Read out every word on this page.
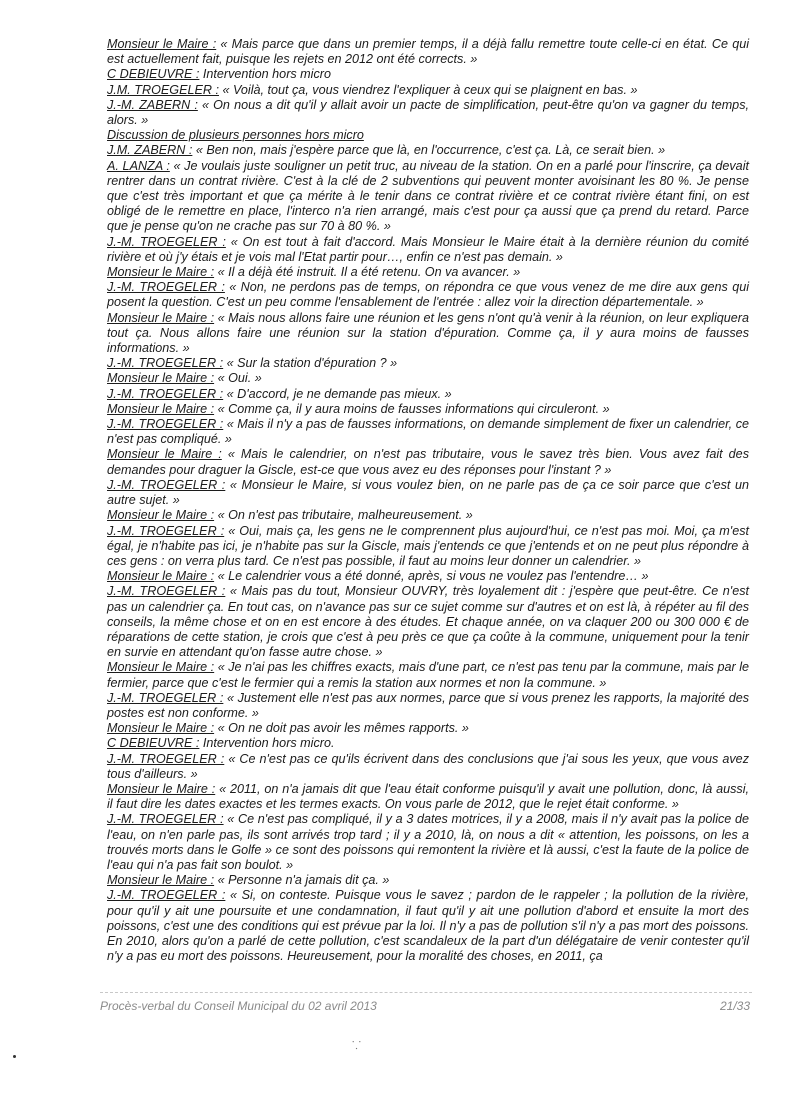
Monsieur le Maire : « Mais parce que dans un premier temps, il a déjà fallu remettre toute celle-ci en état. Ce qui est actuellement fait, puisque les rejets en 2012 ont été corrects. »

C DEBIEUVRE : Intervention hors micro

J.M. TROEGELER : « Voilà, tout ça, vous viendrez l'expliquer à ceux qui se plaignent en bas. »

J.-M. ZABERN : « On nous a dit qu'il y allait avoir un pacte de simplification, peut-être qu'on va gagner du temps, alors. »

Discussion de plusieurs personnes hors micro

J.M. ZABERN : « Ben non, mais j'espère parce que là, en l'occurrence, c'est ça. Là, ce serait bien. »

A. LANZA : « Je voulais juste souligner un petit truc, au niveau de la station. On en a parlé pour l'inscrire, ça devait rentrer dans un contrat rivière. C'est à la clé de 2 subventions qui peuvent monter avoisinant les 80 %. Je pense que c'est très important et que ça mérite à le tenir dans ce contrat rivière et ce contrat rivière étant fini, on est obligé de le remettre en place, l'interco n'a rien arrangé, mais c'est pour ça aussi que ça prend du retard. Parce que je pense qu'on ne crache pas sur 70 à 80 %. »

J.-M. TROEGELER : « On est tout à fait d'accord. Mais Monsieur le Maire était à la dernière réunion du comité rivière et où j'y étais et je vois mal l'Etat partir pour…, enfin ce n'est pas demain. »

Monsieur le Maire : « Il a déjà été instruit. Il a été retenu. On va avancer. »

J.-M. TROEGELER : « Non, ne perdons pas de temps, on répondra ce que vous venez de me dire aux gens qui posent la question. C'est un peu comme l'ensablement de l'entrée : allez voir la direction départementale. »

Monsieur le Maire : « Mais nous allons faire une réunion et les gens n'ont qu'à venir à la réunion, on leur expliquera tout ça. Nous allons faire une réunion sur la station d'épuration. Comme ça, il y aura moins de fausses informations. »

J.-M. TROEGELER : « Sur la station d'épuration ? »

Monsieur le Maire : « Oui. »

J.-M. TROEGELER : « D'accord, je ne demande pas mieux. »

Monsieur le Maire : « Comme ça, il y aura moins de fausses informations qui circuleront. »

J.-M. TROEGELER : « Mais il n'y a pas de fausses informations, on demande simplement de fixer un calendrier, ce n'est pas compliqué. »

Monsieur le Maire : « Mais le calendrier, on n'est pas tributaire, vous le savez très bien. Vous avez fait des demandes pour draguer la Giscle, est-ce que vous avez eu des réponses pour l'instant ? »

J.-M. TROEGELER : « Monsieur le Maire, si vous voulez bien, on ne parle pas de ça ce soir parce que c'est un autre sujet. »

Monsieur le Maire : « On n'est pas tributaire, malheureusement. »

J.-M. TROEGELER : « Oui, mais ça, les gens ne le comprennent plus aujourd'hui, ce n'est pas moi. Moi, ça m'est égal, je n'habite pas ici, je n'habite pas sur la Giscle, mais j'entends ce que j'entends et on ne peut plus répondre à ces gens : on verra plus tard. Ce n'est pas possible, il faut au moins leur donner un calendrier. »

Monsieur le Maire : « Le calendrier vous a été donné, après, si vous ne voulez pas l'entendre… »

J.-M. TROEGELER : « Mais pas du tout, Monsieur OUVRY, très loyalement dit : j'espère que peut-être. Ce n'est pas un calendrier ça. En tout cas, on n'avance pas sur ce sujet comme sur d'autres et on est là, à répéter au fil des conseils, la même chose et on en est encore à des études. Et chaque année, on va claquer 200 ou 300 000 € de réparations de cette station, je crois que c'est à peu près ce que ça coûte à la commune, uniquement pour la tenir en survie en attendant qu'on fasse autre chose. »

Monsieur le Maire : « Je n'ai pas les chiffres exacts, mais d'une part, ce n'est pas tenu par la commune, mais par le fermier, parce que c'est le fermier qui a remis la station aux normes et non la commune. »

J.-M. TROEGELER : « Justement elle n'est pas aux normes, parce que si vous prenez les rapports, la majorité des postes est non conforme. »

Monsieur le Maire : « On ne doit pas avoir les mêmes rapports. »

C DEBIEUVRE : Intervention hors micro.

J.-M. TROEGELER : « Ce n'est pas ce qu'ils écrivent dans des conclusions que j'ai sous les yeux, que vous avez tous d'ailleurs. »

Monsieur le Maire : « 2011, on n'a jamais dit que l'eau était conforme puisqu'il y avait une pollution, donc, là aussi, il faut dire les dates exactes et les termes exacts. On vous parle de 2012, que le rejet était conforme. »

J.-M. TROEGELER : « Ce n'est pas compliqué, il y a 3 dates motrices, il y a 2008, mais il n'y avait pas la police de l'eau, on n'en parle pas, ils sont arrivés trop tard ; il y a 2010, là, on nous a dit « attention, les poissons, on les a trouvés morts dans le Golfe » ce sont des poissons qui remontent la rivière et là aussi, c'est la faute de la police de l'eau qui n'a pas fait son boulot. »

Monsieur le Maire : « Personne n'a jamais dit ça. »

J.-M. TROEGELER : « Si, on conteste. Puisque vous le savez ; pardon de le rappeler ; la pollution de la rivière, pour qu'il y ait une poursuite et une condamnation, il faut qu'il y ait une pollution d'abord et ensuite la mort des poissons, c'est une des conditions qui est prévue par la loi. Il n'y a pas de pollution s'il n'y a pas mort des poissons. En 2010, alors qu'on a parlé de cette pollution, c'est scandaleux de la part d'un délégataire de venir contester qu'il n'y a pas eu mort des poissons. Heureusement, pour la moralité des choses, en 2011, ça

Procès-verbal du Conseil Municipal du 02 avril 2013	21/33
⸪
